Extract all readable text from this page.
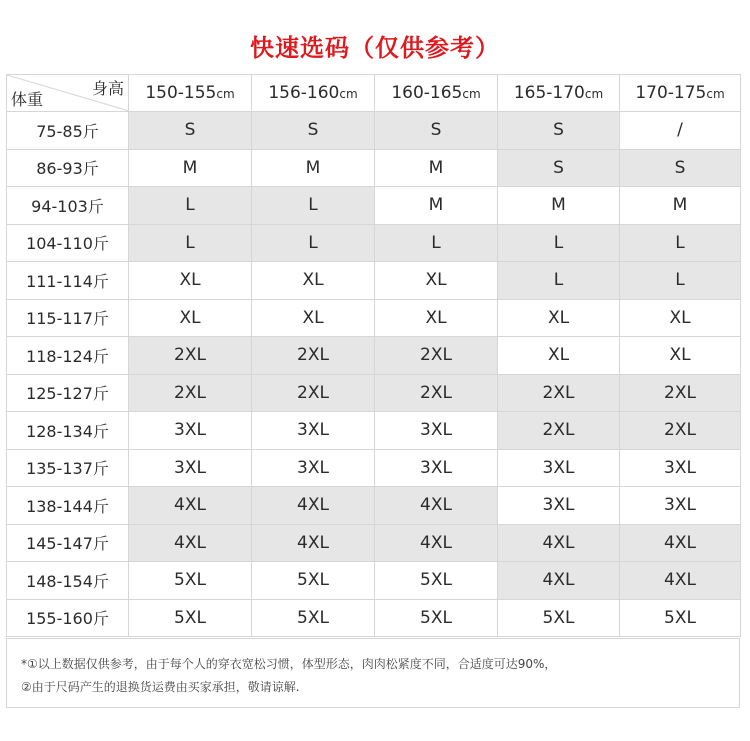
快速选码（仅供参考）
身高
体重	150-155cm	156-160cm	160-165cm	165-170cm	170-175cm
75-85斤	S	S	S	S	/
86-93斤	M	M	M	S	S
94-103斤	L	L	M	M	M
104-110斤	L	L	L	L	L
111-114斤	XL	XL	XL	L	L
115-117斤	XL	XL	XL	XL	XL
118-124斤	2XL	2XL	2XL	XL	XL
125-127斤	2XL	2XL	2XL	2XL	2XL
128-134斤	3XL	3XL	3XL	2XL	2XL
135-137斤	3XL	3XL	3XL	3XL	3XL
138-144斤	4XL	4XL	4XL	3XL	3XL
145-147斤	4XL	4XL	4XL	4XL	4XL
148-154斤	5XL	5XL	5XL	4XL	4XL
155-160斤	5XL	5XL	5XL	5XL	5XL
*①以上数据仅供参考，由于每个人的穿衣宽松习惯，体型形态，肉肉松紧度不同，合适度可达90%，
②由于尺码产生的退换货运费由买家承担，敬请谅解.
